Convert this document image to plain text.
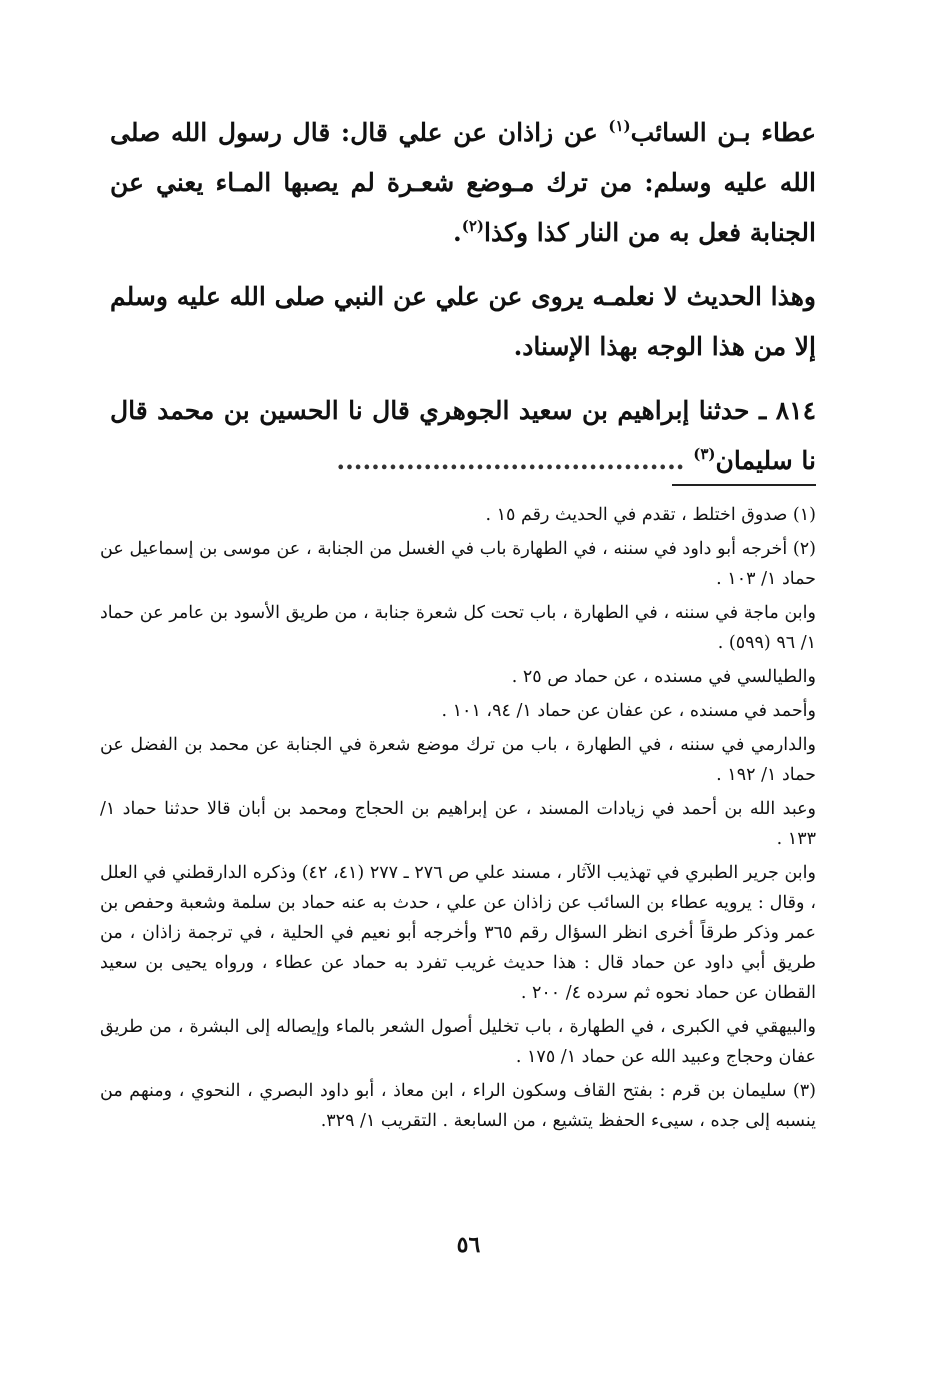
عطاء بـن السائب$^{(١)}$ عن زاذان عن علي قال: قال رسول الله صلى الله عليه وسلم: من ترك مـوضع شعـرة لم يصبها المـاء يعني عن الجنابة فعل به من النار كذا وكذا$^{(٢)}$.

وهذا الحديث لا نعلمـه يروى عن علي عن النبي صلى الله عليه وسلم إلا من هذا الوجه بهذا الإسناد.

٨١٤ ـ حدثنا إبراهيم بن سعيد الجوهري قال نا الحسين بن محمد قال نا سليمان$^{(٣)}$ ........................................

(١) صدوق اختلط ، تقدم في الحديث رقم ١٥ .

(٢) أخرجه أبو داود في سننه ، في الطهارة باب في الغسل من الجنابة ، عن موسى بن إسماعيل عن حماد ١/ ١٠٣ .

وابن ماجة في سننه ، في الطهارة ، باب تحت كل شعرة جنابة ، من طريق الأسود بن عامر عن حماد ١/ ٩٦ (٥٩٩) .

والطيالسي في مسنده ، عن حماد ص ٢٥ .

وأحمد في مسنده ، عن عفان عن حماد ١/ ٩٤، ١٠١ .

والدارمي في سننه ، في الطهارة ، باب من ترك موضع شعرة في الجنابة عن محمد بن الفضل عن حماد ١/ ١٩٢ .

وعبد الله بن أحمد في زيادات المسند ، عن إبراهيم بن الحجاج ومحمد بن أبان قالا حدثنا حماد ١/ ١٣٣ .

وابن جرير الطبري في تهذيب الآثار ، مسند علي ص ٢٧٦ ـ ٢٧٧ (٤١، ٤٢) وذكره الدارقطني في العلل ، وقال : يرويه عطاء بن السائب عن زاذان عن علي ، حدث به عنه حماد بن سلمة وشعبة وحفص بن عمر وذكر طرقاً أخرى انظر السؤال رقم ٣٦٥ وأخرجه أبو نعيم في الحلية ، في ترجمة زاذان ، من طريق أبي داود عن حماد قال : هذا حديث غريب تفرد به حماد عن عطاء ، ورواه يحيى بن سعيد القطان عن حماد نحوه ثم سرده ٤/ ٢٠٠ .

والبيهقي في الكبرى ، في الطهارة ، باب تخليل أصول الشعر بالماء وإيصاله إلى البشرة ، من طريق عفان وحجاج وعبيد الله عن حماد ١/ ١٧٥ .

(٣) سليمان بن قرم : بفتح القاف وسكون الراء ، ابن معاذ ، أبو داود البصري ، النحوي ، ومنهم من ينسبه إلى جده ، سيىء الحفظ يتشيع ، من السابعة . التقريب ١/ ٣٢٩.

٥٦
